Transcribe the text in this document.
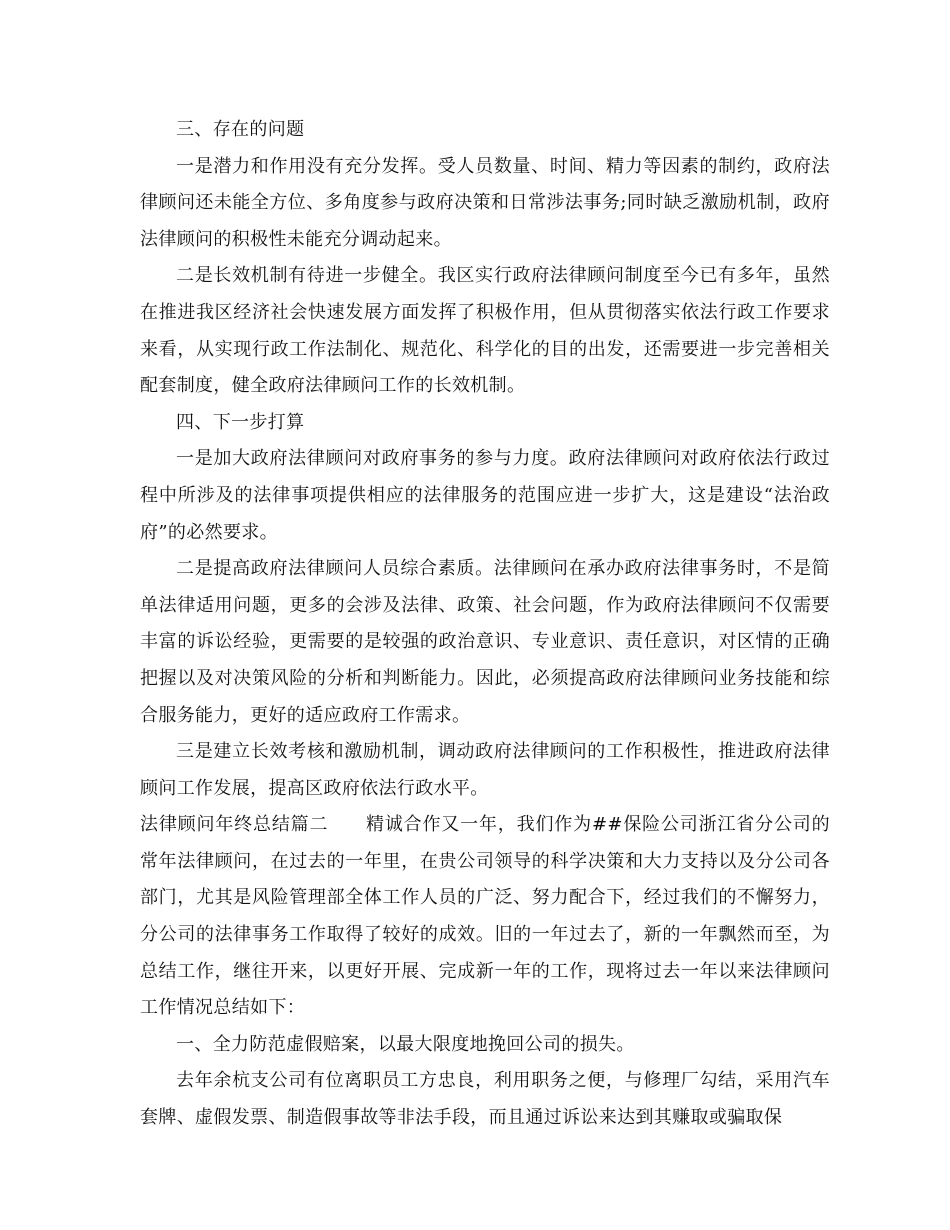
三、存在的问题

一是潜力和作用没有充分发挥。受人员数量、时间、精力等因素的制约，政府法律顾问还未能全方位、多角度参与政府决策和日常涉法事务;同时缺乏激励机制，政府法律顾问的积极性未能充分调动起来。

二是长效机制有待进一步健全。我区实行政府法律顾问制度至今已有多年，虽然在推进我区经济社会快速发展方面发挥了积极作用，但从贯彻落实依法行政工作要求来看，从实现行政工作法制化、规范化、科学化的目的出发，还需要进一步完善相关配套制度，健全政府法律顾问工作的长效机制。

四、下一步打算

一是加大政府法律顾问对政府事务的参与力度。政府法律顾问对政府依法行政过程中所涉及的法律事项提供相应的法律服务的范围应进一步扩大，这是建设“法治政府”的必然要求。

二是提高政府法律顾问人员综合素质。法律顾问在承办政府法律事务时，不是简单法律适用问题，更多的会涉及法律、政策、社会问题，作为政府法律顾问不仅需要丰富的诉讼经验，更需要的是较强的政治意识、专业意识、责任意识，对区情的正确把握以及对决策风险的分析和判断能力。因此，必须提高政府法律顾问业务技能和综合服务能力，更好的适应政府工作需求。

三是建立长效考核和激励机制，调动政府法律顾问的工作积极性，推进政府法律顾问工作发展，提高区政府依法行政水平。

法律顾问年终总结篇二　　精诚合作又一年，我们作为##保险公司浙江省分公司的常年法律顾问，在过去的一年里，在贵公司领导的科学决策和大力支持以及分公司各部门，尤其是风险管理部全体工作人员的广泛、努力配合下，经过我们的不懈努力，分公司的法律事务工作取得了较好的成效。旧的一年过去了，新的一年飘然而至，为总结工作，继往开来，以更好开展、完成新一年的工作，现将过去一年以来法律顾问工作情况总结如下：

一、全力防范虚假赔案，以最大限度地挽回公司的损失。

去年余杭支公司有位离职员工方忠良，利用职务之便，与修理厂勾结，采用汽车套牌、虚假发票、制造假事故等非法手段，而且通过诉讼来达到其赚取或骗取保
